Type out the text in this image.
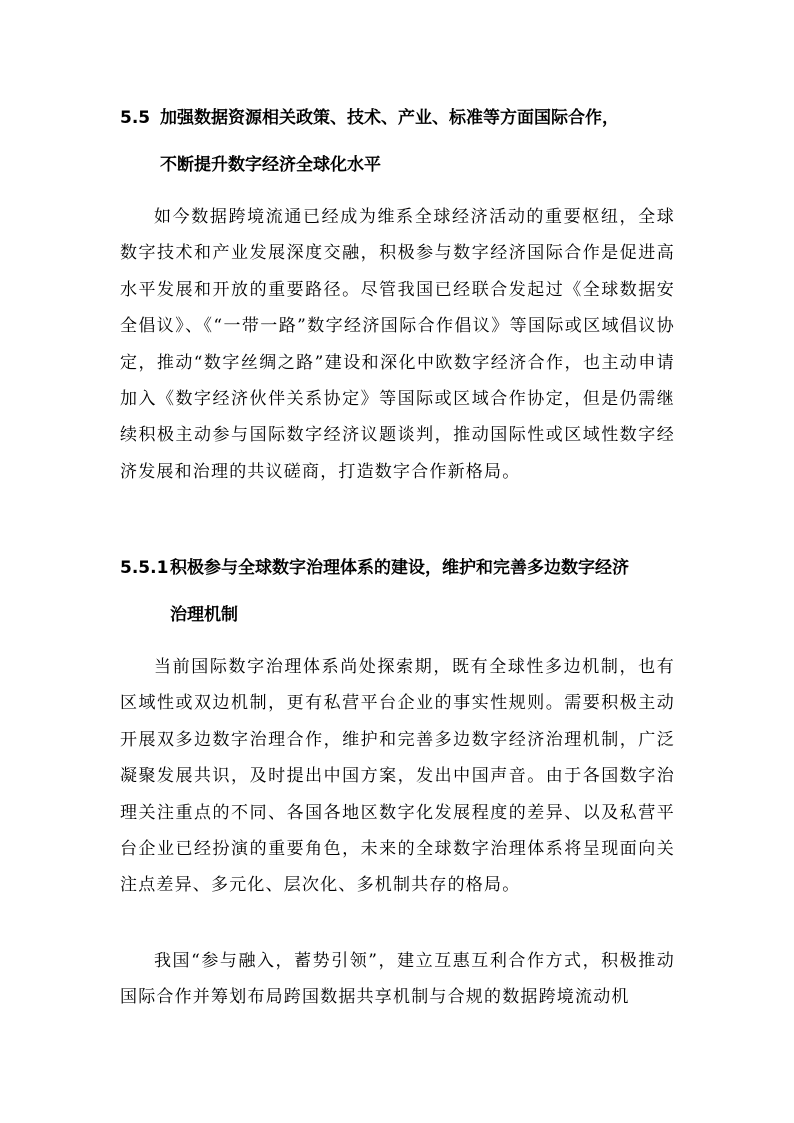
5.5 加强数据资源相关政策、技术、产业、标准等方面国际合作，
不断提升数字经济全球化水平

如今数据跨境流通已经成为维系全球经济活动的重要枢纽，全球数字技术和产业发展深度交融，积极参与数字经济国际合作是促进高水平发展和开放的重要路径。尽管我国已经联合发起过《全球数据安全倡议》、《“一带一路”数字经济国际合作倡议》等国际或区域倡议协定，推动“数字丝绸之路”建设和深化中欧数字经济合作，也主动申请加入《数字经济伙伴关系协定》等国际或区域合作协定，但是仍需继续积极主动参与国际数字经济议题谈判，推动国际性或区域性数字经济发展和治理的共议磋商，打造数字合作新格局。

5.5.1积极参与全球数字治理体系的建设，维护和完善多边数字经济
治理机制

当前国际数字治理体系尚处探索期，既有全球性多边机制，也有区域性或双边机制，更有私营平台企业的事实性规则。需要积极主动开展双多边数字治理合作，维护和完善多边数字经济治理机制，广泛凝聚发展共识，及时提出中国方案，发出中国声音。由于各国数字治理关注重点的不同、各国各地区数字化发展程度的差异、以及私营平台企业已经扮演的重要角色，未来的全球数字治理体系将呈现面向关注点差异、多元化、层次化、多机制共存的格局。

我国“参与融入，蓄势引领”，建立互惠互利合作方式，积极推动国际合作并筹划布局跨国数据共享机制与合规的数据跨境流动机
